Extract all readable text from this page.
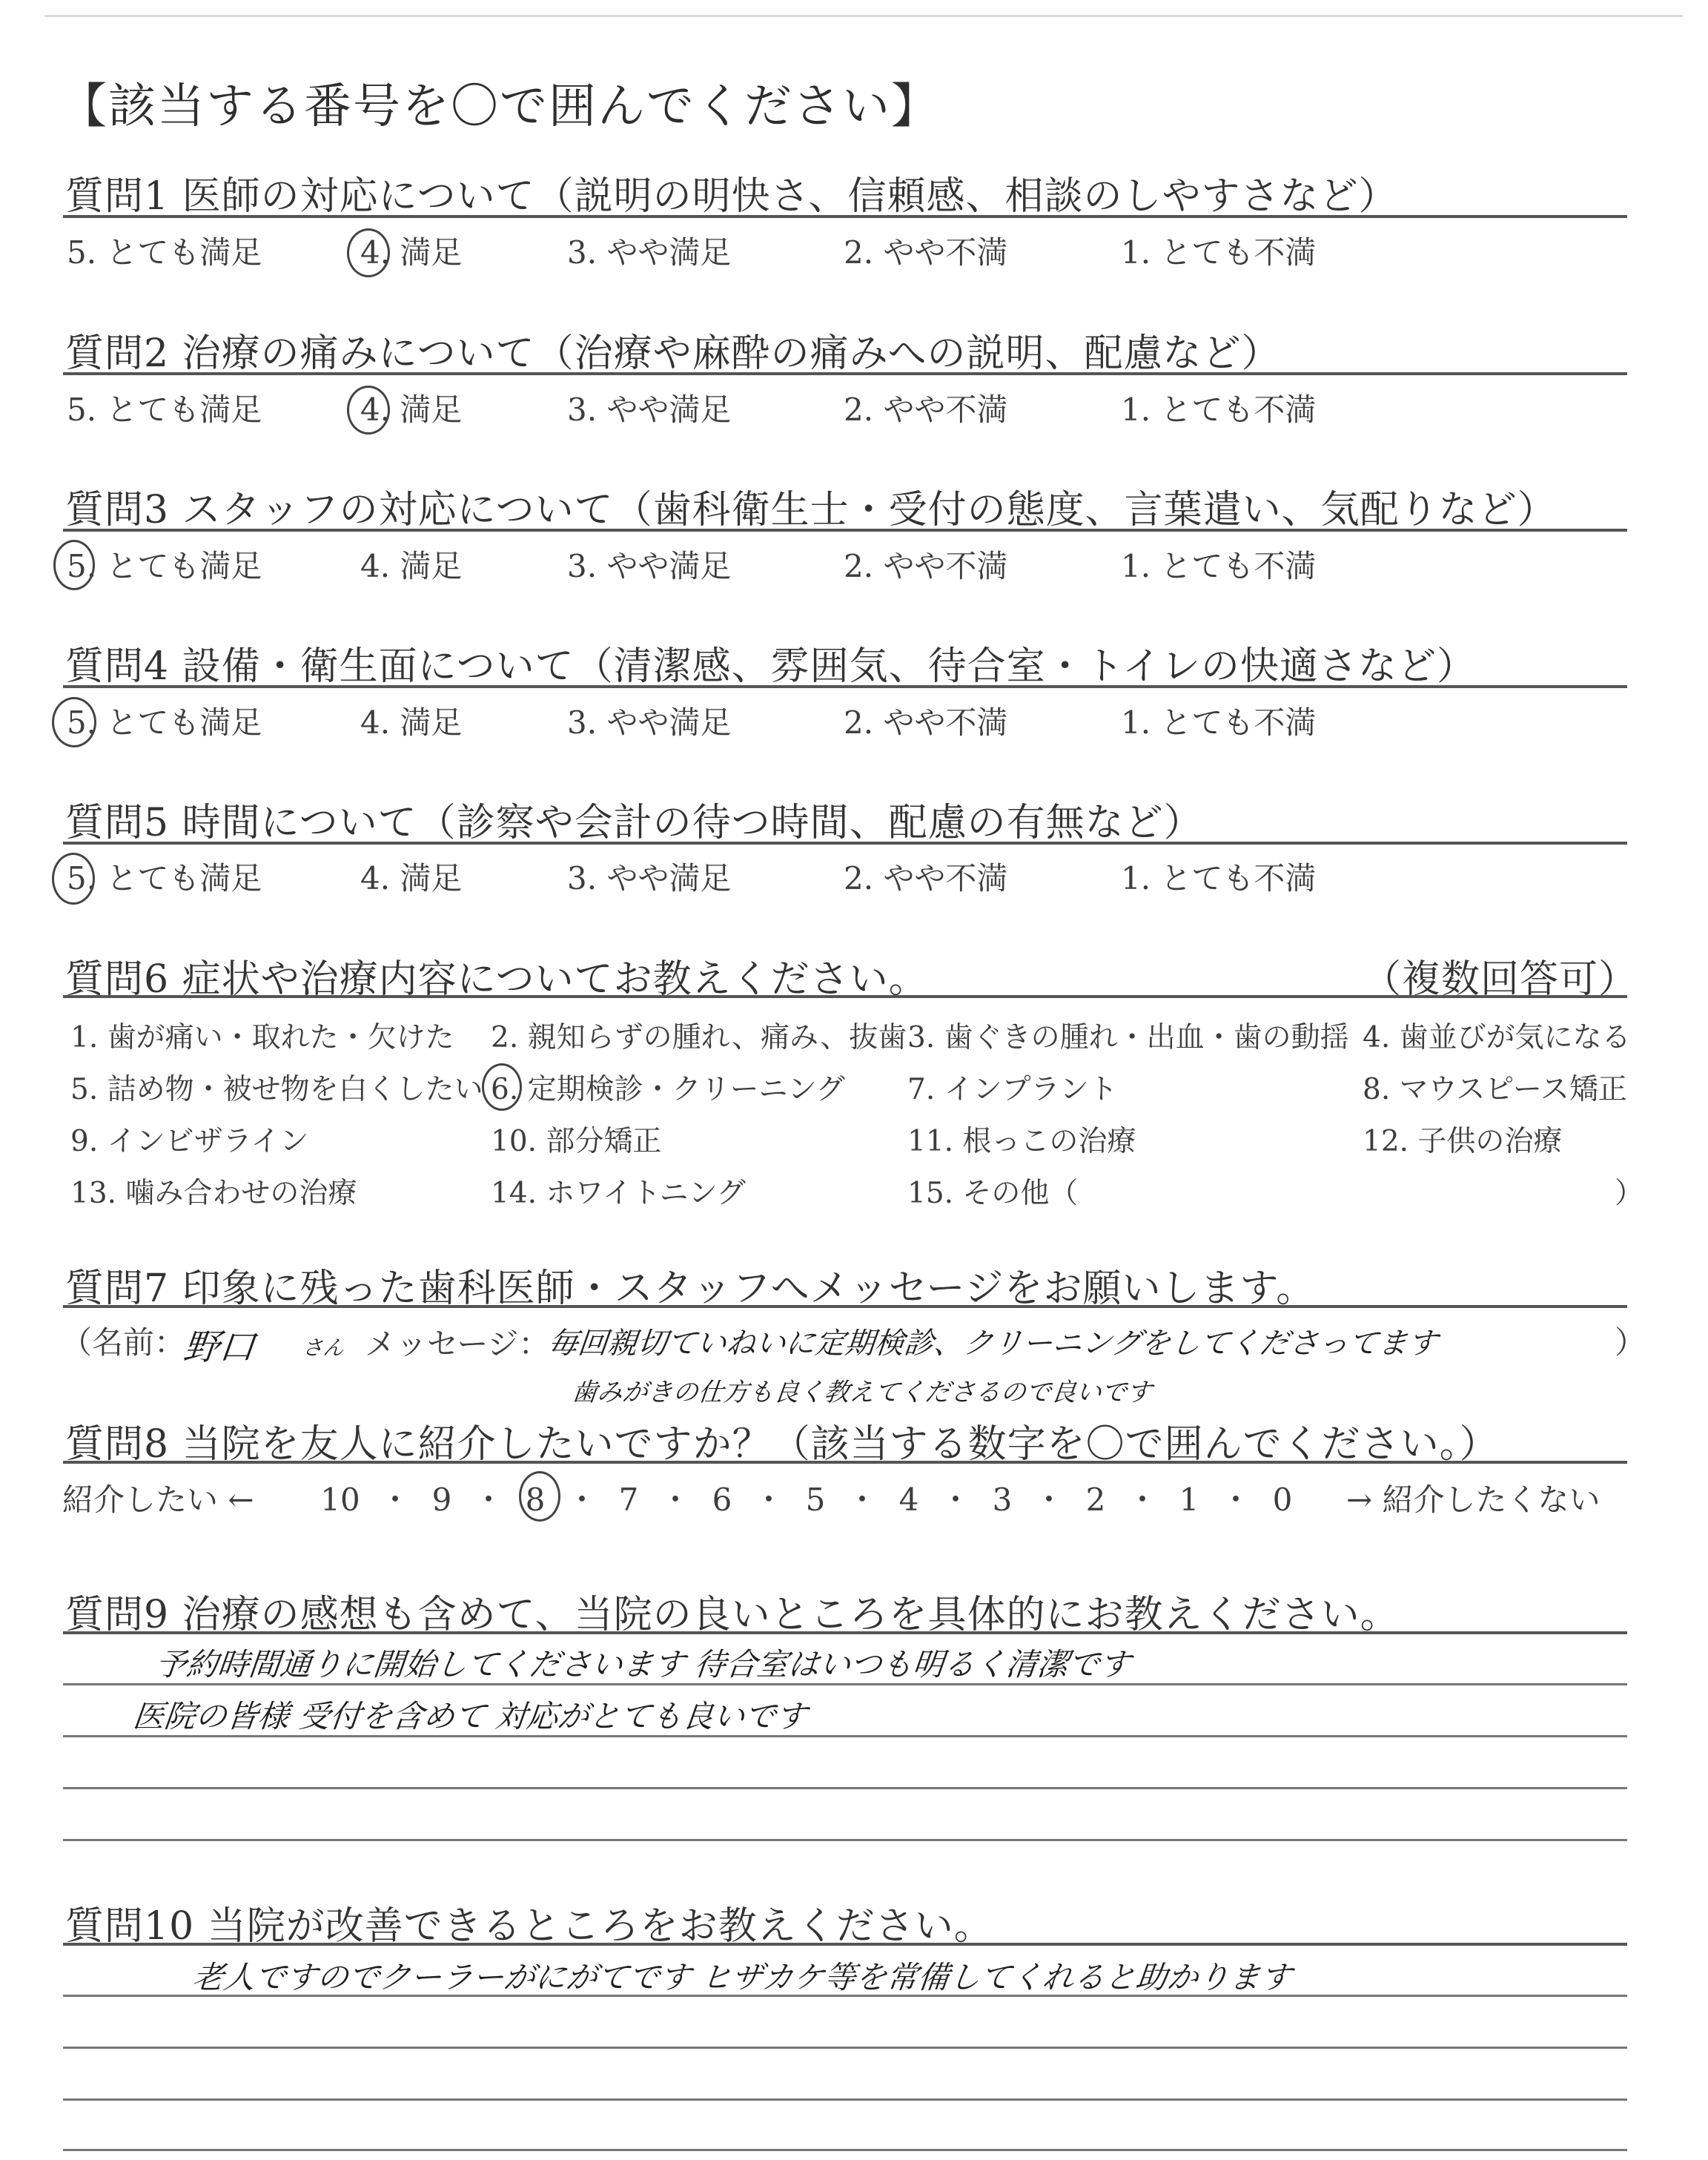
【該当する番号を〇で囲んでください】
質問1 医師の対応について（説明の明快さ、信頼感、相談のしやすさなど）
5. とても満足	4. 満足	3. やや満足	2. やや不満	1. とても不満
質問2 治療の痛みについて（治療や麻酔の痛みへの説明、配慮など）
5. とても満足	4. 満足	3. やや満足	2. やや不満	1. とても不満
質問3 スタッフの対応について（歯科衛生士・受付の態度、言葉遣い、気配りなど）
5. とても満足	4. 満足	3. やや満足	2. やや不満	1. とても不満
質問4 設備・衛生面について（清潔感、雰囲気、待合室・トイレの快適さなど）
5. とても満足	4. 満足	3. やや満足	2. やや不満	1. とても不満
質問5 時間について（診察や会計の待つ時間、配慮の有無など）
5. とても満足	4. 満足	3. やや満足	2. やや不満	1. とても不満
質問6 症状や治療内容についてお教えください。	（複数回答可）
1. 歯が痛い・取れた・欠けた 2. 親知らずの腫れ、痛み、抜歯 3. 歯ぐきの腫れ・出血・歯の動揺 4. 歯並びが気になる
5. 詰め物・被せ物を白くしたい 6. 定期検診・クリーニング 7. インプラント	8. マウスピース矯正
9. インビザライン	10. 部分矯正	11. 根っこの治療	12. 子供の治療
13. 噛み合わせの治療	14. ホワイトニング	15. その他（	）
質問7 印象に残った歯科医師・スタッフへメッセージをお願いします。
（名前：
野口 さん メッセージ：
毎回親切ていねいに定期検診、クリーニングをしてくださってます
歯みがきの仕方も良く教えてくださるので良いです
）
質問8 当院を友人に紹介したいですか？（該当する数字を〇で囲んでください。）
紹介したい ← 10 ・ 9 ・ 8 ・ 7 ・ 6 ・ 5 ・ 4 ・ 3 ・ 2 ・ 1 ・ 0 → 紹介したくない
質問9 治療の感想も含めて、当院の良いところを具体的にお教えください。
予約時間通りに開始してくださいます 待合室はいつも明るく清潔です
医院の皆様 受付を含めて 対応がとても良いです
質問10 当院が改善できるところをお教えください。
老人ですのでクーラーがにがてです ヒザカケ等を常備してくれると助かります
